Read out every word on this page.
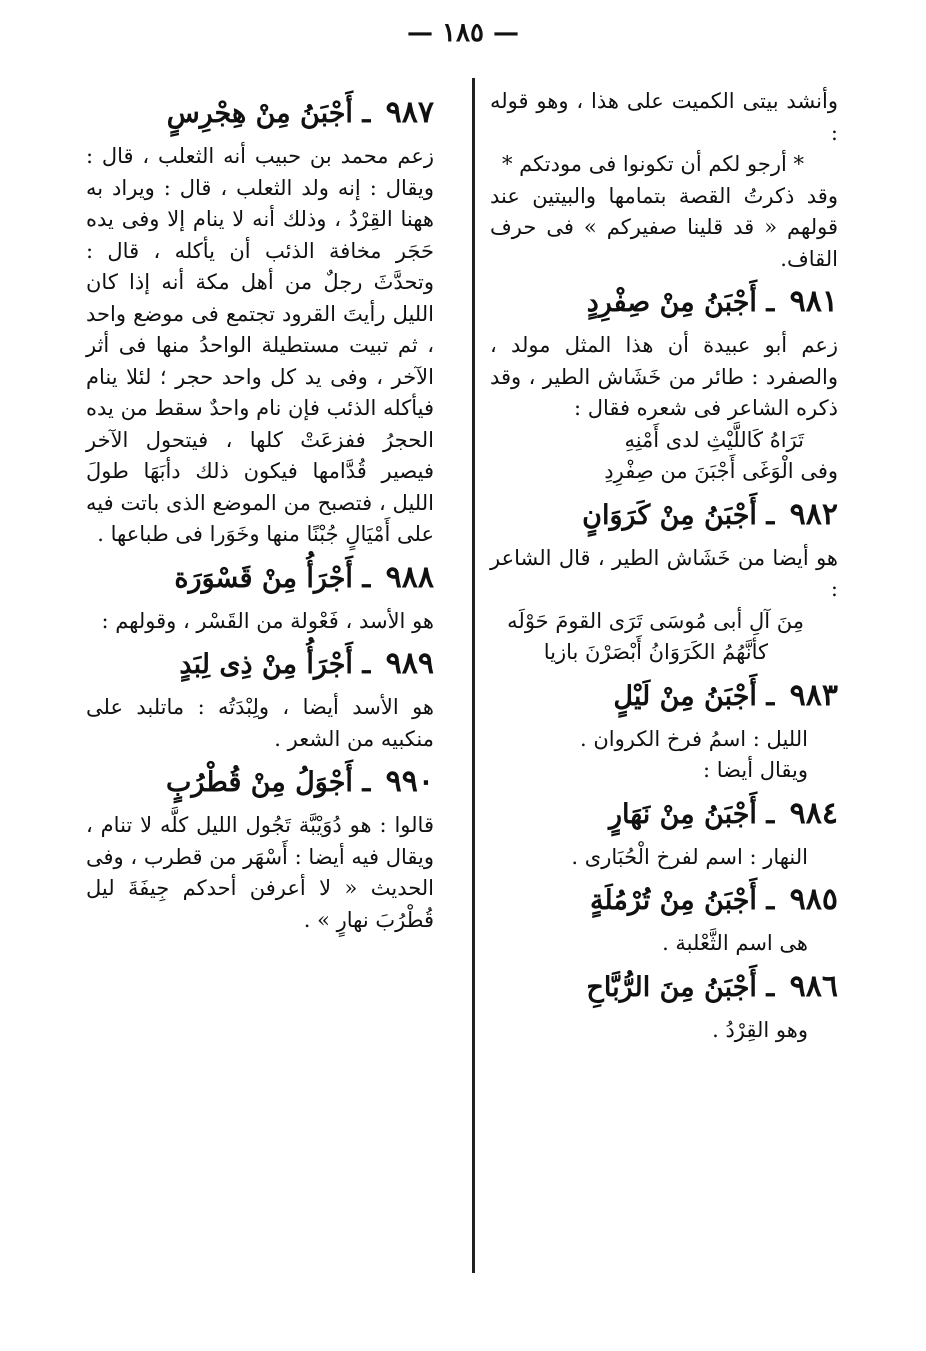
— ١٨٥ —

وأنشد بيتى الكميت على هذا ، وهو قوله :

* أرجو لكم أن تكونوا فى مودتكم *

وقد ذكرتُ القصة بتمامها والبيتين عند قولهم « قد قلينا صفيركم » فى حرف القاف.

٩٨١ ـ أَجْبَنُ مِنْ صِفْرِدٍ

زعم أبو عبيدة أن هذا المثل مولد ، والصفرد : طائر من خَشَاش الطير ، وقد ذكره الشاعر فى شعره فقال :

تَرَاهُ كَاللَّيْثِ لدى أَمْنِهِ

وفى الْوَغَى أَجْبَنَ من صِفْرِدِ

٩٨٢ ـ أَجْبَنُ مِنْ كَرَوَانٍ

هو أيضا من خَشَاش الطير ، قال الشاعر :

مِنَ آلِ أبى مُوسَى تَرَى القومَ حَوْلَه

كأنَّهُمُ الكَرَوَانُ أَبْصَرْنَ بازيا

٩٨٣ ـ أَجْبَنُ مِنْ لَيْلٍ

الليل : اسمُ فرخ الكروان .

ويقال أيضا :

٩٨٤ ـ أَجْبَنُ مِنْ نَهَارٍ

النهار : اسم لفرخ الْحُبَارى .

٩٨٥ ـ أَجْبَنُ مِنْ تُرْمُلَةٍ

هى اسم الثَّعْلبة .

٩٨٦ ـ أَجْبَنُ مِنَ الرُّبَّاحِ

وهو القِرْدُ .

٩٨٧ ـ أَجْبَنُ مِنْ هِجْرِسٍ

زعم محمد بن حبيب أنه الثعلب ، قال : ويقال : إنه ولد الثعلب ، قال : ويراد به ههنا القِرْدُ ، وذلك أنه لا ينام إلا وفى يده حَجَر مخافة الذئب أن يأكله ، قال : وتحدَّثَ رجلٌ من أهل مكة أنه إذا كان الليل رأيتَ القرود تجتمع فى موضع واحد ، ثم تبيت مستطيلة الواحدُ منها فى أثر الآخر ، وفى يد كل واحد حجر ؛ لئلا ينام فيأكله الذئب فإن نام واحدٌ سقط من يده الحجرُ ففزعَتْ كلها ، فيتحول الآخر فيصير قُدَّامها فيكون ذلك دأبَهَا طولَ الليل ، فتصبح من الموضع الذى باتت فيه على أَمْيَالٍ جُبْنًا منها وخَوَرا فى طباعها .

٩٨٨ ـ أَجْرَأُ مِنْ قَسْوَرَة

هو الأسد ، فَعْولة من القَسْر ، وقولهم :

٩٨٩ ـ أَجْرَأُ مِنْ ذِى لِبَدٍ

هو الأسد أيضا ، ولِبْدَتُه : ماتلبد على منكبيه من الشعر .

٩٩٠ ـ أَجْوَلُ مِنْ قُطْرُبٍ

قالوا : هو دُوَيْبَّة تَجُول الليل كلَّه لا تنام ، ويقال فيه أيضا : أَسْهَر من قطرب ، وفى الحديث « لا أعرفن أحدكم جِيفَةَ ليل قُطْرُبَ نهارٍ » .
